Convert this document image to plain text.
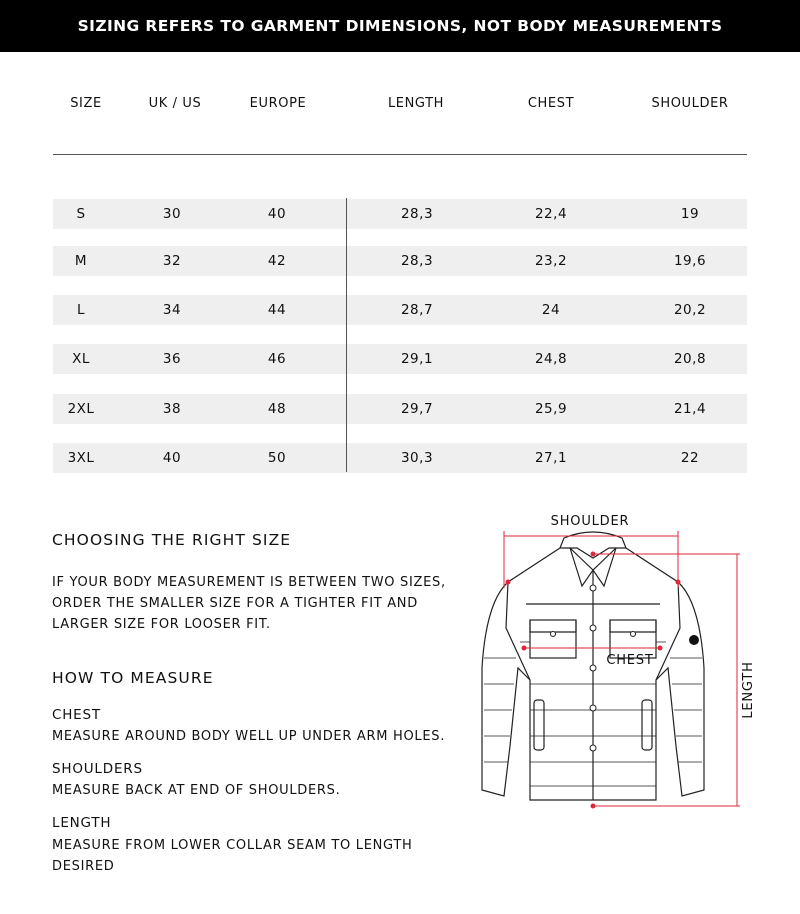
SIZING REFERS TO GARMENT DIMENSIONS, NOT BODY MEASUREMENTS
SIZE	UK / US	EUROPE	LENGTH	CHEST	SHOULDER
S	30	40	28,3	22,4	19
M	32	42	28,3	23,2	19,6
L	34	44	28,7	24	20,2
XL	36	46	29,1	24,8	20,8
2XL	38	48	29,7	25,9	21,4
3XL	40	50	30,3	27,1	22
CHOOSING THE RIGHT SIZE
IF YOUR BODY MEASUREMENT IS BETWEEN TWO SIZES,
ORDER THE SMALLER SIZE FOR A TIGHTER FIT AND
LARGER SIZE FOR LOOSER FIT.
HOW TO MEASURE
CHEST
MEASURE AROUND BODY WELL UP UNDER ARM HOLES.
SHOULDERS
MEASURE BACK AT END OF SHOULDERS.
LENGTH
MEASURE FROM LOWER COLLAR SEAM TO LENGTH
DESIRED
SHOULDER
CHEST
LENGTH
